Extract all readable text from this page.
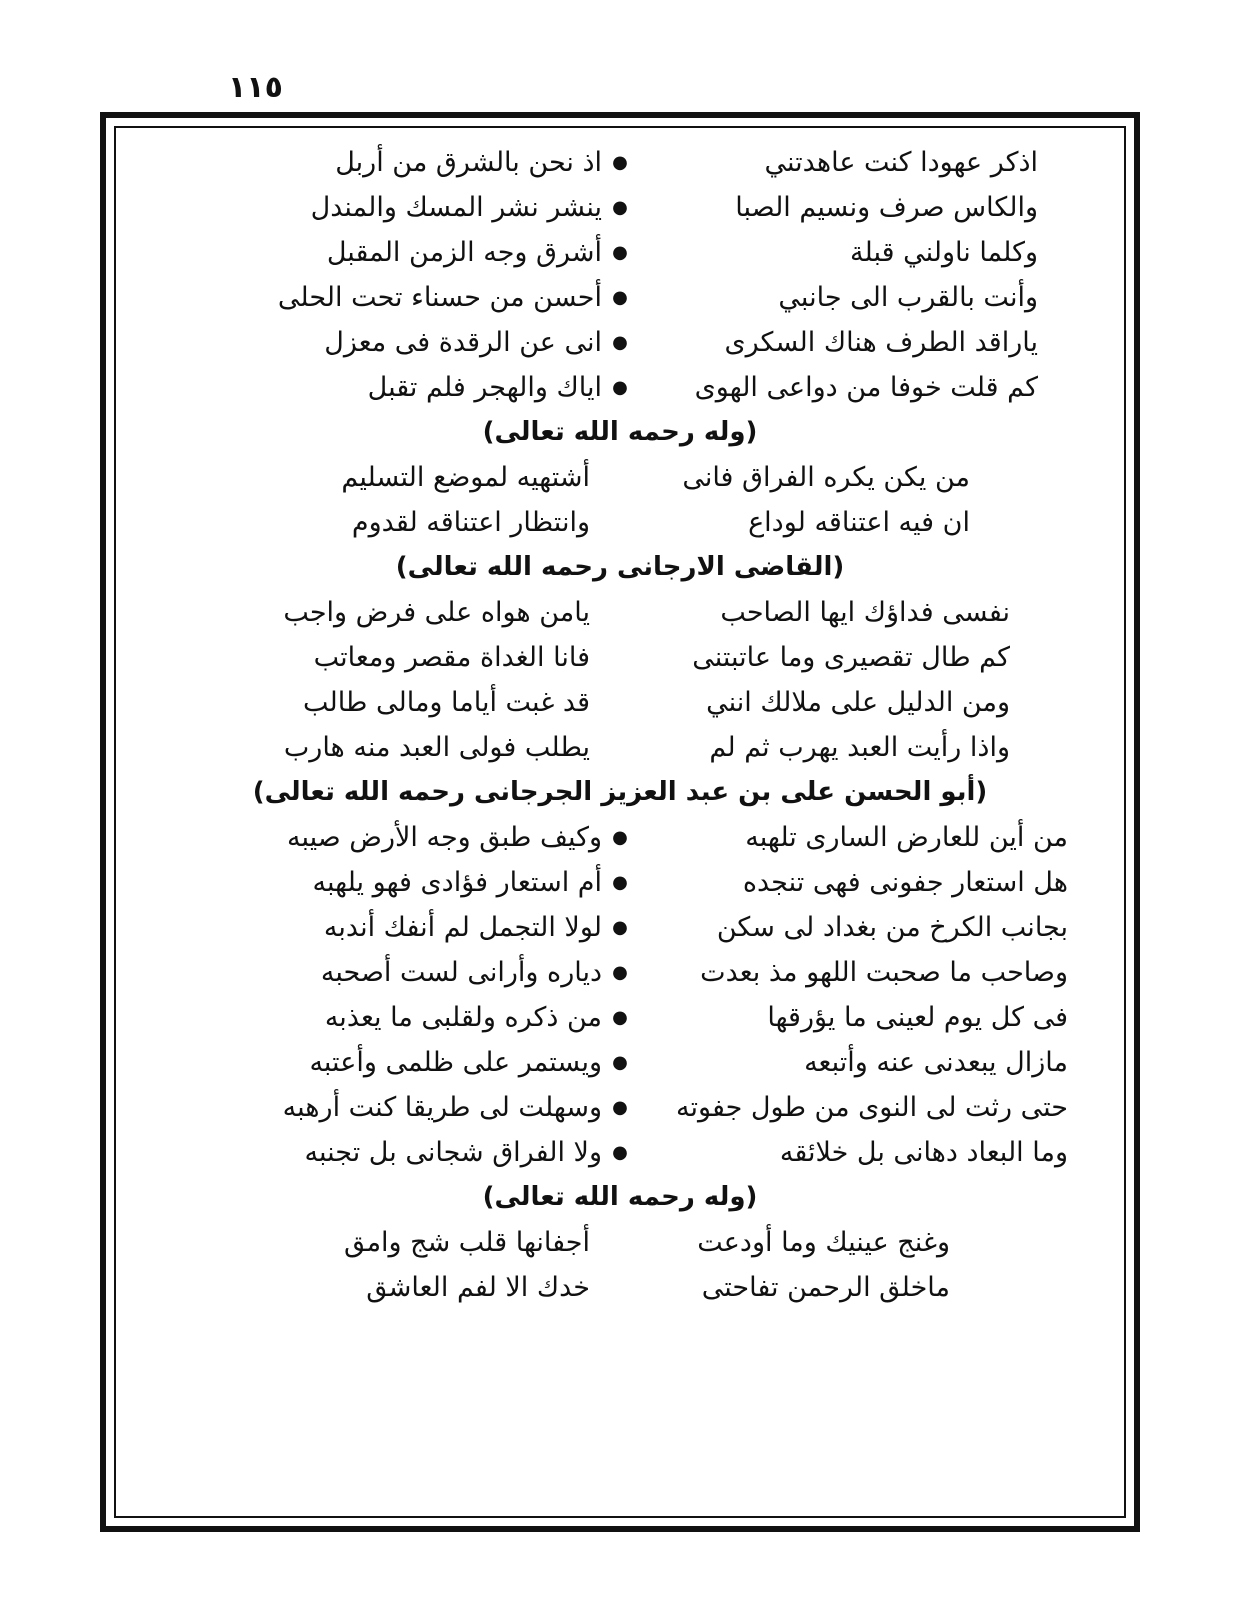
١١٥
اذكر عهودا كنت عاهدتني
●
اذ نحن بالشرق من أربل
والكاس صرف ونسيم الصبا
●
ينشر نشر المسك والمندل
وكلما ناولني قبلة
●
أشرق وجه الزمن المقبل
وأنت بالقرب الى جانبي
●
أحسن من حسناء تحت الحلى
ياراقد الطرف هناك السكرى
●
انى عن الرقدة فى معزل
كم قلت خوفا من دواعى الهوى
●
اياك والهجر فلم تقبل
(وله رحمه الله تعالى)
من يكن يكره الفراق فانى
أشتهيه لموضع التسليم
ان فيه اعتناقه لوداع
وانتظار اعتناقه لقدوم
(القاضى الارجانى رحمه الله تعالى)
نفسى فداؤك ايها الصاحب
يامن هواه على فرض واجب
كم طال تقصيرى وما عاتبتنى
فانا الغداة مقصر ومعاتب
ومن الدليل على ملالك انني
قد غبت أياما ومالى طالب
واذا رأيت العبد يهرب ثم لم
يطلب فولى العبد منه هارب
(أبو الحسن على بن عبد العزيز الجرجانى رحمه الله تعالى)
من أين للعارض السارى تلهبه
●
وكيف طبق وجه الأرض صيبه
هل استعار جفونى فهى تنجده
●
أم استعار فؤادى فهو يلهبه
بجانب الكرخ من بغداد لى سكن
●
لولا التجمل لم أنفك أندبه
وصاحب ما صحبت اللهو مذ بعدت
●
دياره وأرانى لست أصحبه
فى كل يوم لعينى ما يؤرقها
●
من ذكره ولقلبى ما يعذبه
مازال يبعدنى عنه وأتبعه
●
ويستمر على ظلمى وأعتبه
حتى رثت لى النوى من طول جفوته
●
وسهلت لى طريقا كنت أرهبه
وما البعاد دهانى بل خلائقه
●
ولا الفراق شجانى بل تجنبه
(وله رحمه الله تعالى)
وغنج عينيك وما أودعت
أجفانها قلب شج وامق
ماخلق الرحمن تفاحتى
خدك الا لفم العاشق
